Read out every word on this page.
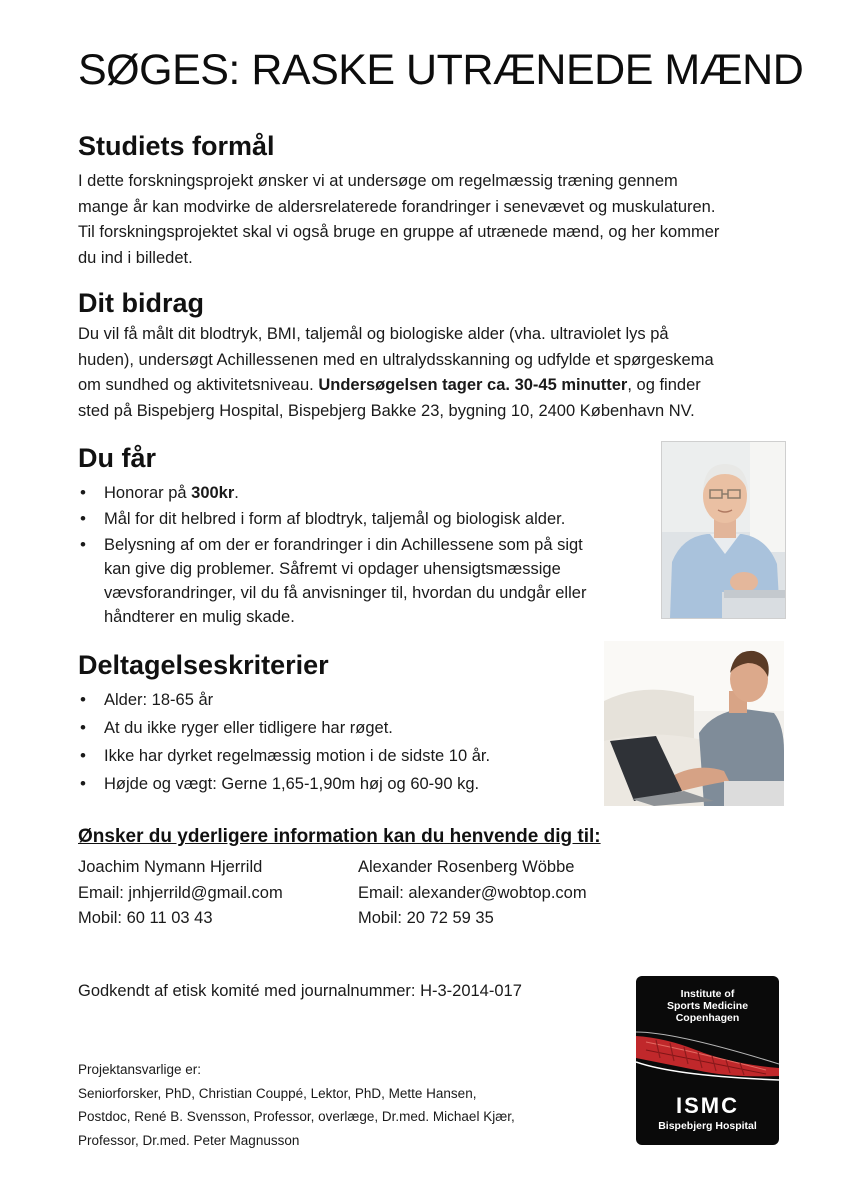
SØGES: RASKE UTRÆNEDE MÆND
Studiets formål
I dette forskningsprojekt ønsker vi at undersøge om regelmæssig træning gennem
mange år kan modvirke de aldersrelaterede forandringer i senevævet og muskulaturen.
Til forskningsprojektet skal vi også bruge en gruppe af utrænede mænd, og her kommer
du ind i billedet.
Dit bidrag
Du vil få målt dit blodtryk, BMI, taljemål og biologiske alder (vha. ultraviolet lys på
huden), undersøgt Achillessenen med en ultralydsskanning og udfylde et spørgeskema
om sundhed og aktivitetsniveau. Undersøgelsen tager ca. 30-45 minutter, og finder
sted på Bispebjerg Hospital, Bispebjerg Bakke 23, bygning 10, 2400 København NV.
Du får
• Honorar på 300kr.
• Mål for dit helbred i form af blodtryk, taljemål og biologisk alder.
• Belysning af om der er forandringer i din Achillessene som på sigt
kan give dig problemer. Såfremt vi opdager uhensigtsmæssige
vævsforandringer, vil du få anvisninger til, hvordan du undgår eller
håndterer en mulig skade.
Deltagelseskriterier
• Alder: 18-65 år
• At du ikke ryger eller tidligere har røget.
• Ikke har dyrket regelmæssig motion i de sidste 10 år.
• Højde og vægt: Gerne 1,65-1,90m høj og 60-90 kg.
Ønsker du yderligere information kan du henvende dig til:
Joachim Nymann Hjerrild
Email: jnhjerrild@gmail.com
Mobil: 60 11 03 43
Alexander Rosenberg Wöbbe
Email: alexander@wobtop.com
Mobil: 20 72 59 35
Godkendt af etisk komité med journalnummer: H-3-2014-017
Projektansvarlige er:
Seniorforsker, PhD, Christian Couppé, Lektor, PhD, Mette Hansen,
Postdoc, René B. Svensson, Professor, overlæge, Dr.med. Michael Kjær,
Professor, Dr.med. Peter Magnusson
Institute of
Sports Medicine
Copenhagen
ISMC
Bispebjerg Hospital
